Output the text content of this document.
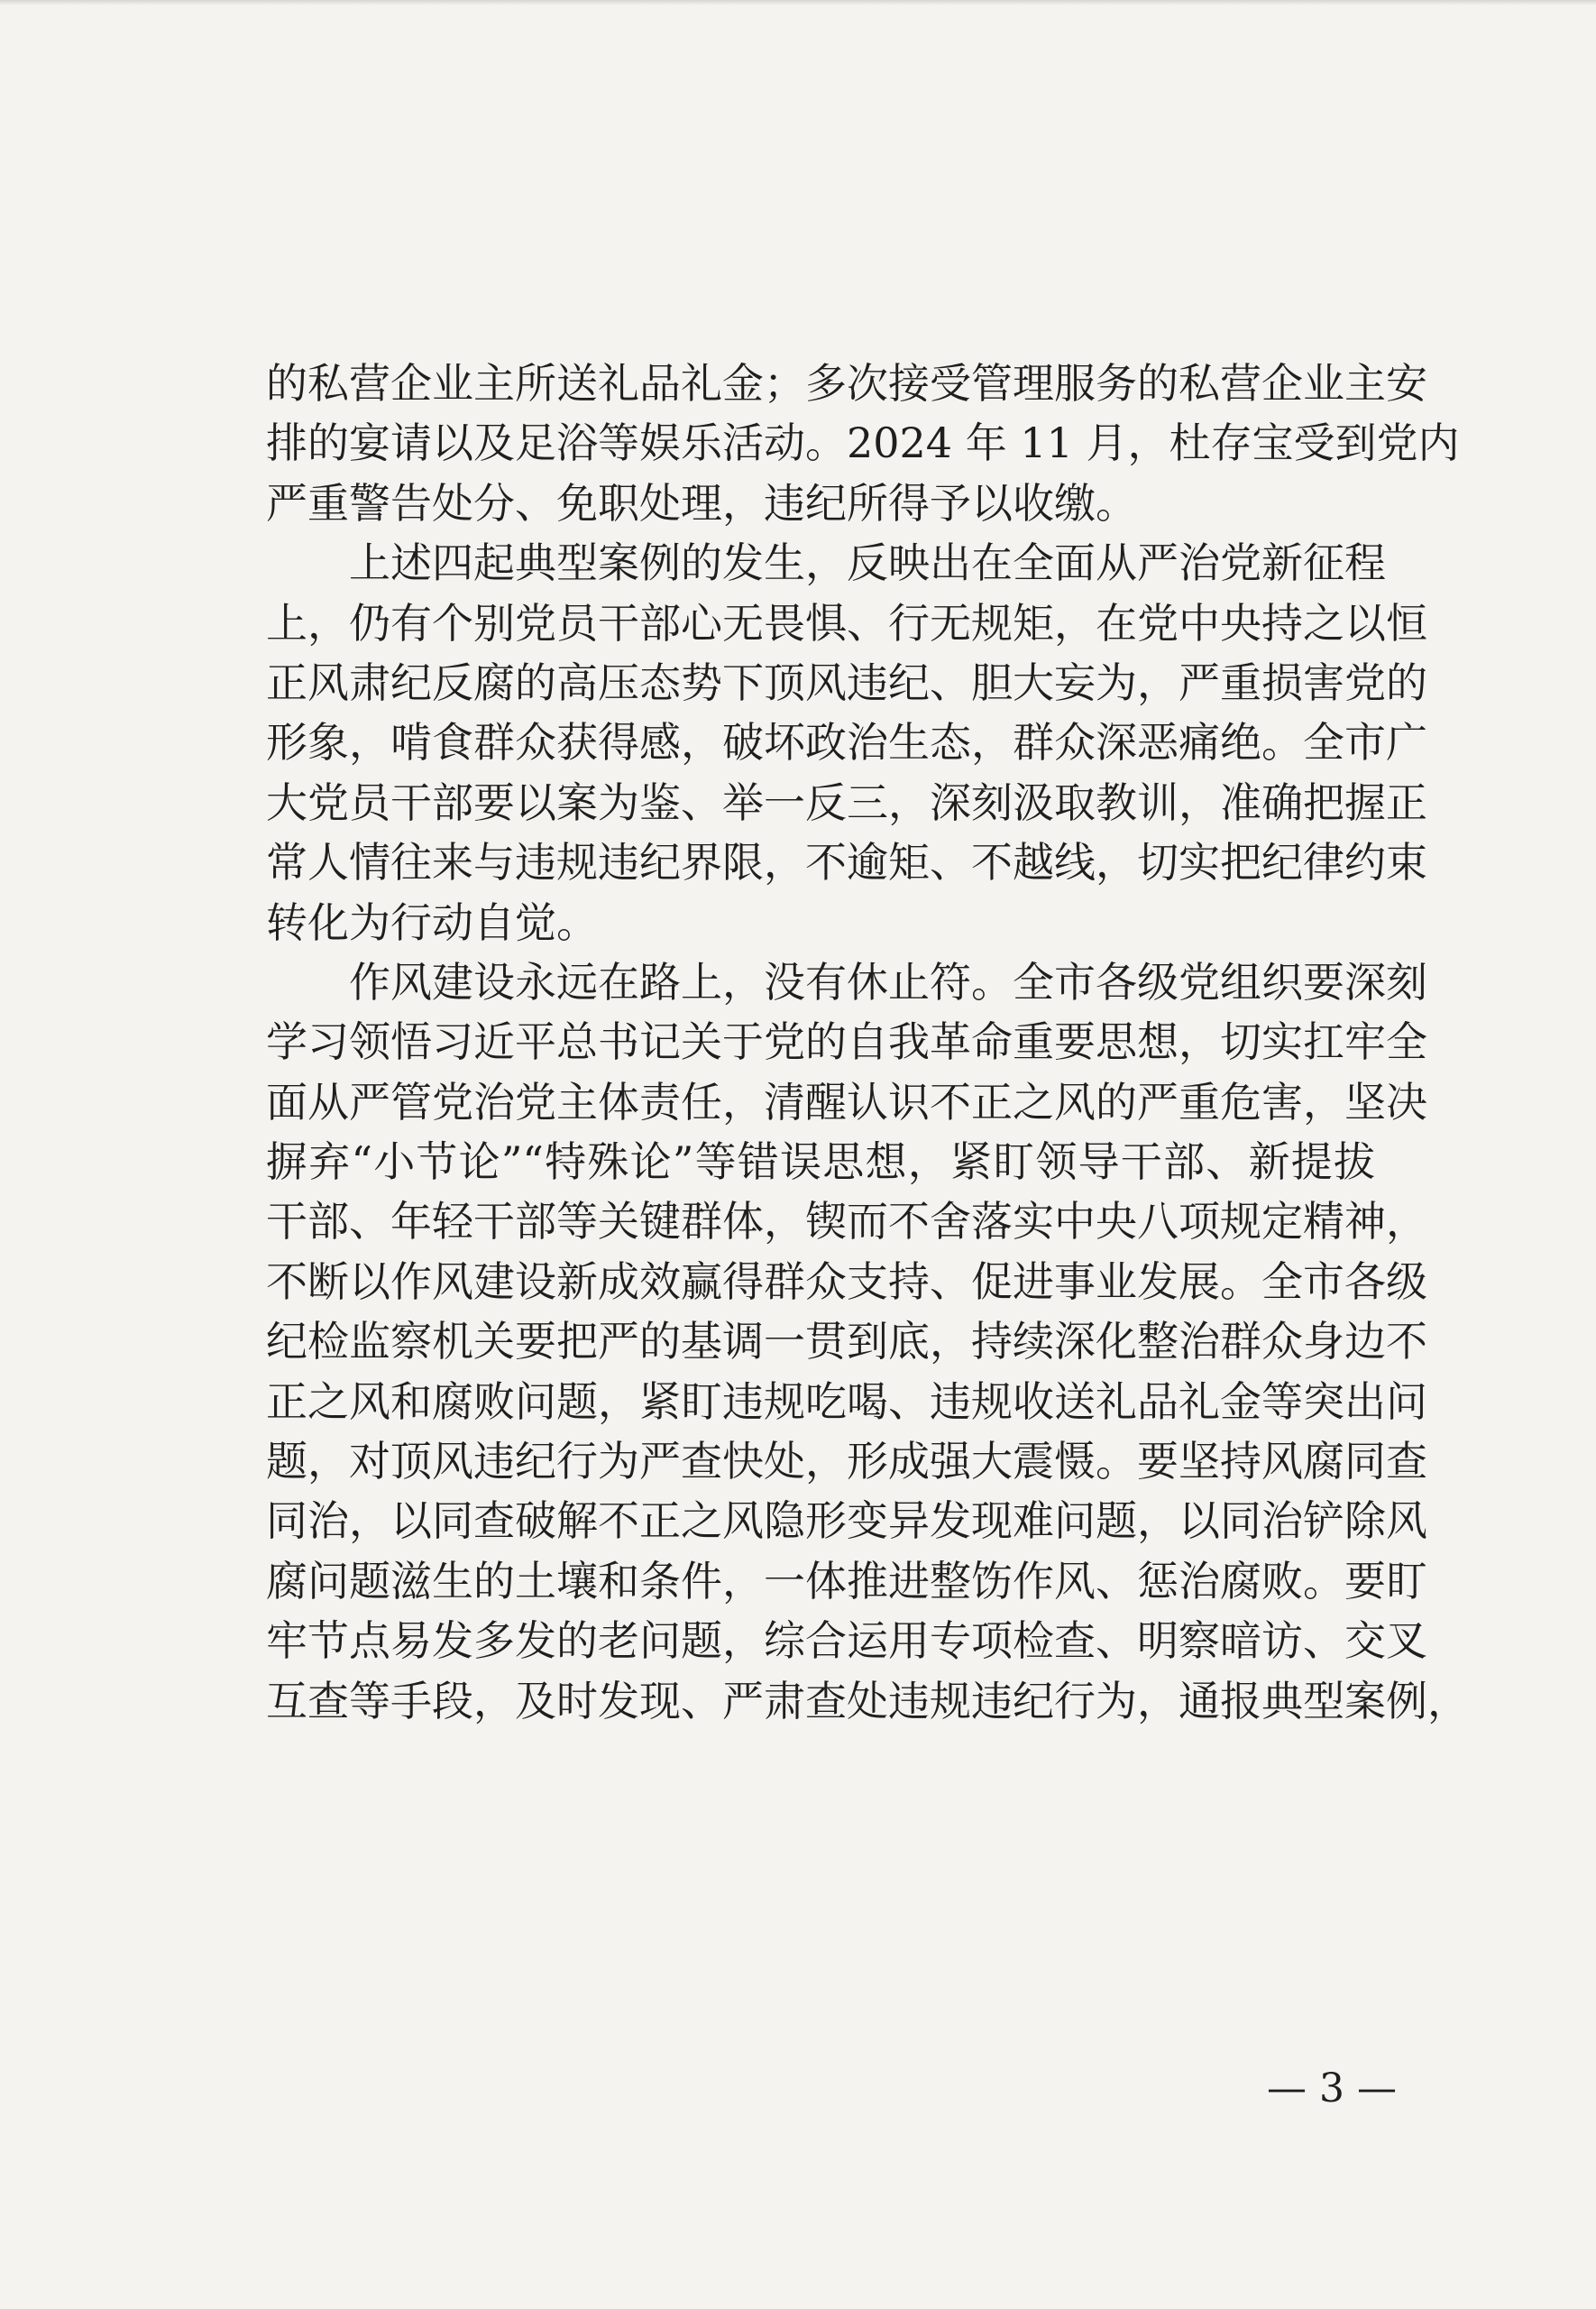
的私营企业主所送礼品礼金；多次接受管理服务的私营企业主安
排的宴请以及足浴等娱乐活动。2024 年 11 月，杜存宝受到党内
严重警告处分、免职处理，违纪所得予以收缴。
上述四起典型案例的发生，反映出在全面从严治党新征程
上，仍有个别党员干部心无畏惧、行无规矩，在党中央持之以恒
正风肃纪反腐的高压态势下顶风违纪、胆大妄为，严重损害党的
形象，啃食群众获得感，破坏政治生态，群众深恶痛绝。全市广
大党员干部要以案为鉴、举一反三，深刻汲取教训，准确把握正
常人情往来与违规违纪界限，不逾矩、不越线，切实把纪律约束
转化为行动自觉。
作风建设永远在路上，没有休止符。全市各级党组织要深刻
学习领悟习近平总书记关于党的自我革命重要思想，切实扛牢全
面从严管党治党主体责任，清醒认识不正之风的严重危害，坚决
摒弃“小节论”“特殊论”等错误思想，紧盯领导干部、新提拔
干部、年轻干部等关键群体，锲而不舍落实中央八项规定精神，
不断以作风建设新成效赢得群众支持、促进事业发展。全市各级
纪检监察机关要把严的基调一贯到底，持续深化整治群众身边不
正之风和腐败问题，紧盯违规吃喝、违规收送礼品礼金等突出问
题，对顶风违纪行为严查快处，形成强大震慑。要坚持风腐同查
同治，以同查破解不正之风隐形变异发现难问题，以同治铲除风
腐问题滋生的土壤和条件，一体推进整饬作风、惩治腐败。要盯
牢节点易发多发的老问题，综合运用专项检查、明察暗访、交叉
互查等手段，及时发现、严肃查处违规违纪行为，通报典型案例，
— 3 —
